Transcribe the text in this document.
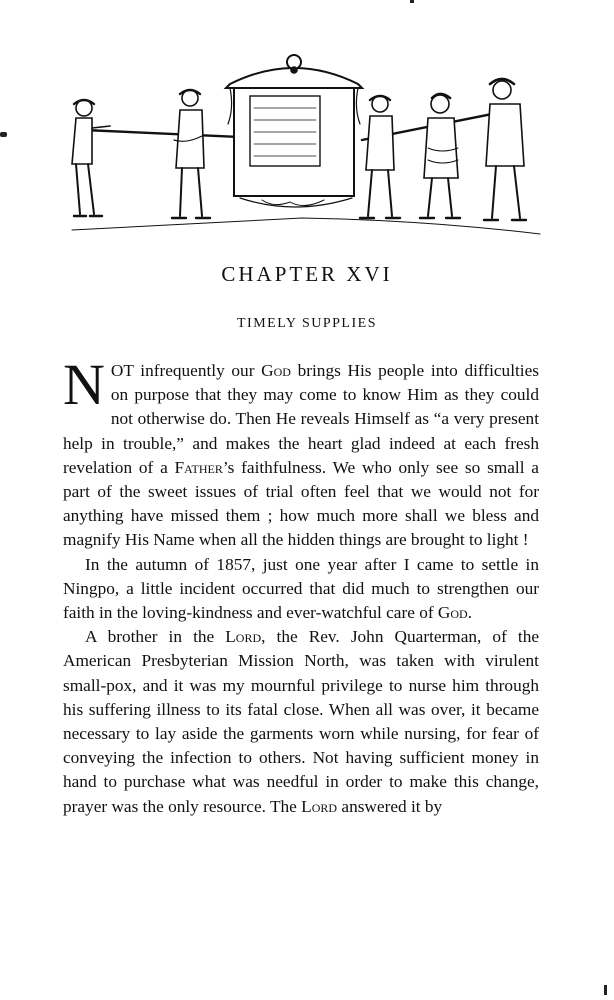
CHAPTER XVI
TIMELY SUPPLIES

NOT infrequently our God brings His people into difficulties on purpose that they may come to know Him as they could not otherwise do. Then He reveals Himself as “a very present help in trouble,” and makes the heart glad indeed at each fresh revelation of a Father’s faithfulness. We who only see so small a part of the sweet issues of trial often feel that we would not for anything have missed them ; how much more shall we bless and magnify His Name when all the hidden things are brought to light !

In the autumn of 1857, just one year after I came to settle in Ningpo, a little incident occurred that did much to strengthen our faith in the loving-kindness and ever-watchful care of God.

A brother in the Lord, the Rev. John Quarterman, of the American Presbyterian Mission North, was taken with virulent small-pox, and it was my mournful privilege to nurse him through his suffering illness to its fatal close. When all was over, it became necessary to lay aside the garments worn while nursing, for fear of conveying the infection to others. Not having sufficient money in hand to purchase what was needful in order to make this change, prayer was the only resource. The Lord answered it by
